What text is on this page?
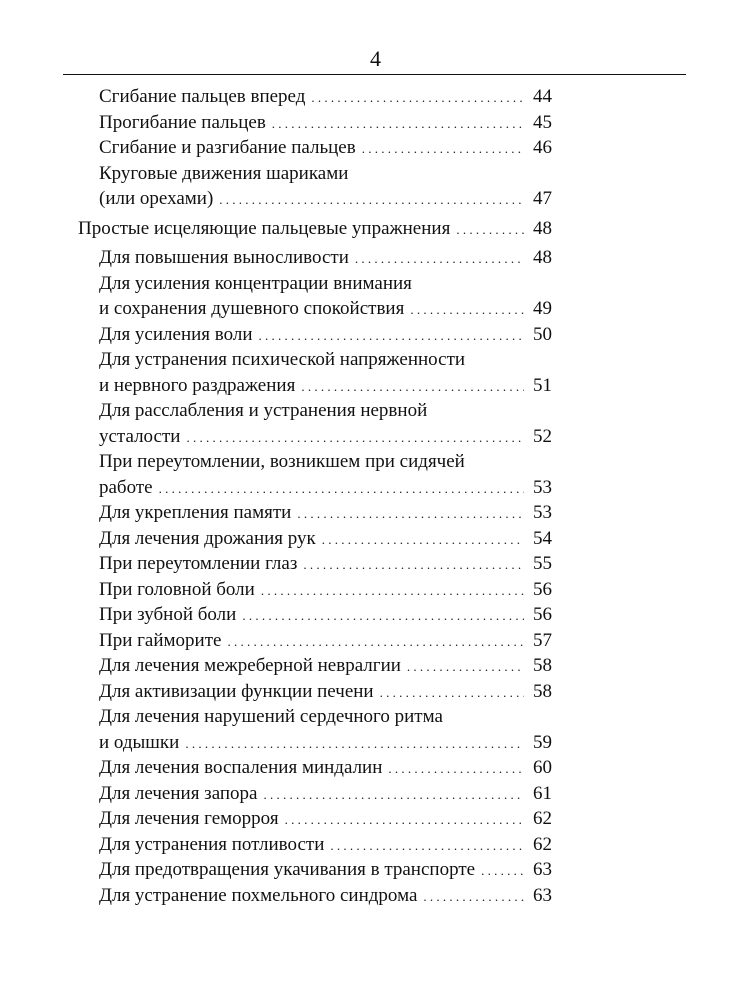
4
Сгибание пальцев вперед . . .	44
Прогибание пальцев . . .	45
Сгибание и разгибание пальцев . . .	46
Круговые движения шариками
(или орехами) . . .	47
Простые исцеляющие пальцевые упражнения . . .	48
Для повышения выносливости . . .	48
Для усиления концентрации внимания
и сохранения душевного спокойствия . . .	49
Для усиления воли . . .	50
Для устранения психической напряженности
и нервного раздражения . . .	51
Для расслабления и устранения нервной
усталости . . .	52
При переутомлении, возникшем при сидячей
работе . . .	53
Для укрепления памяти . . .	53
Для лечения дрожания рук . . .	54
При переутомлении глаз . . .	55
При головной боли . . .	56
При зубной боли . . .	56
При гайморите . . .	57
Для лечения межреберной невралгии . . .	58
Для активизации функции печени . . .	58
Для лечения нарушений сердечного ритма
и одышки . . .	59
Для лечения воспаления миндалин . . .	60
Для лечения запора . . .	61
Для лечения геморроя . . .	62
Для устранения потливости . . .	62
Для предотвращения укачивания в транспорте . . .	63
Для устранение похмельного синдрома . . .	63
